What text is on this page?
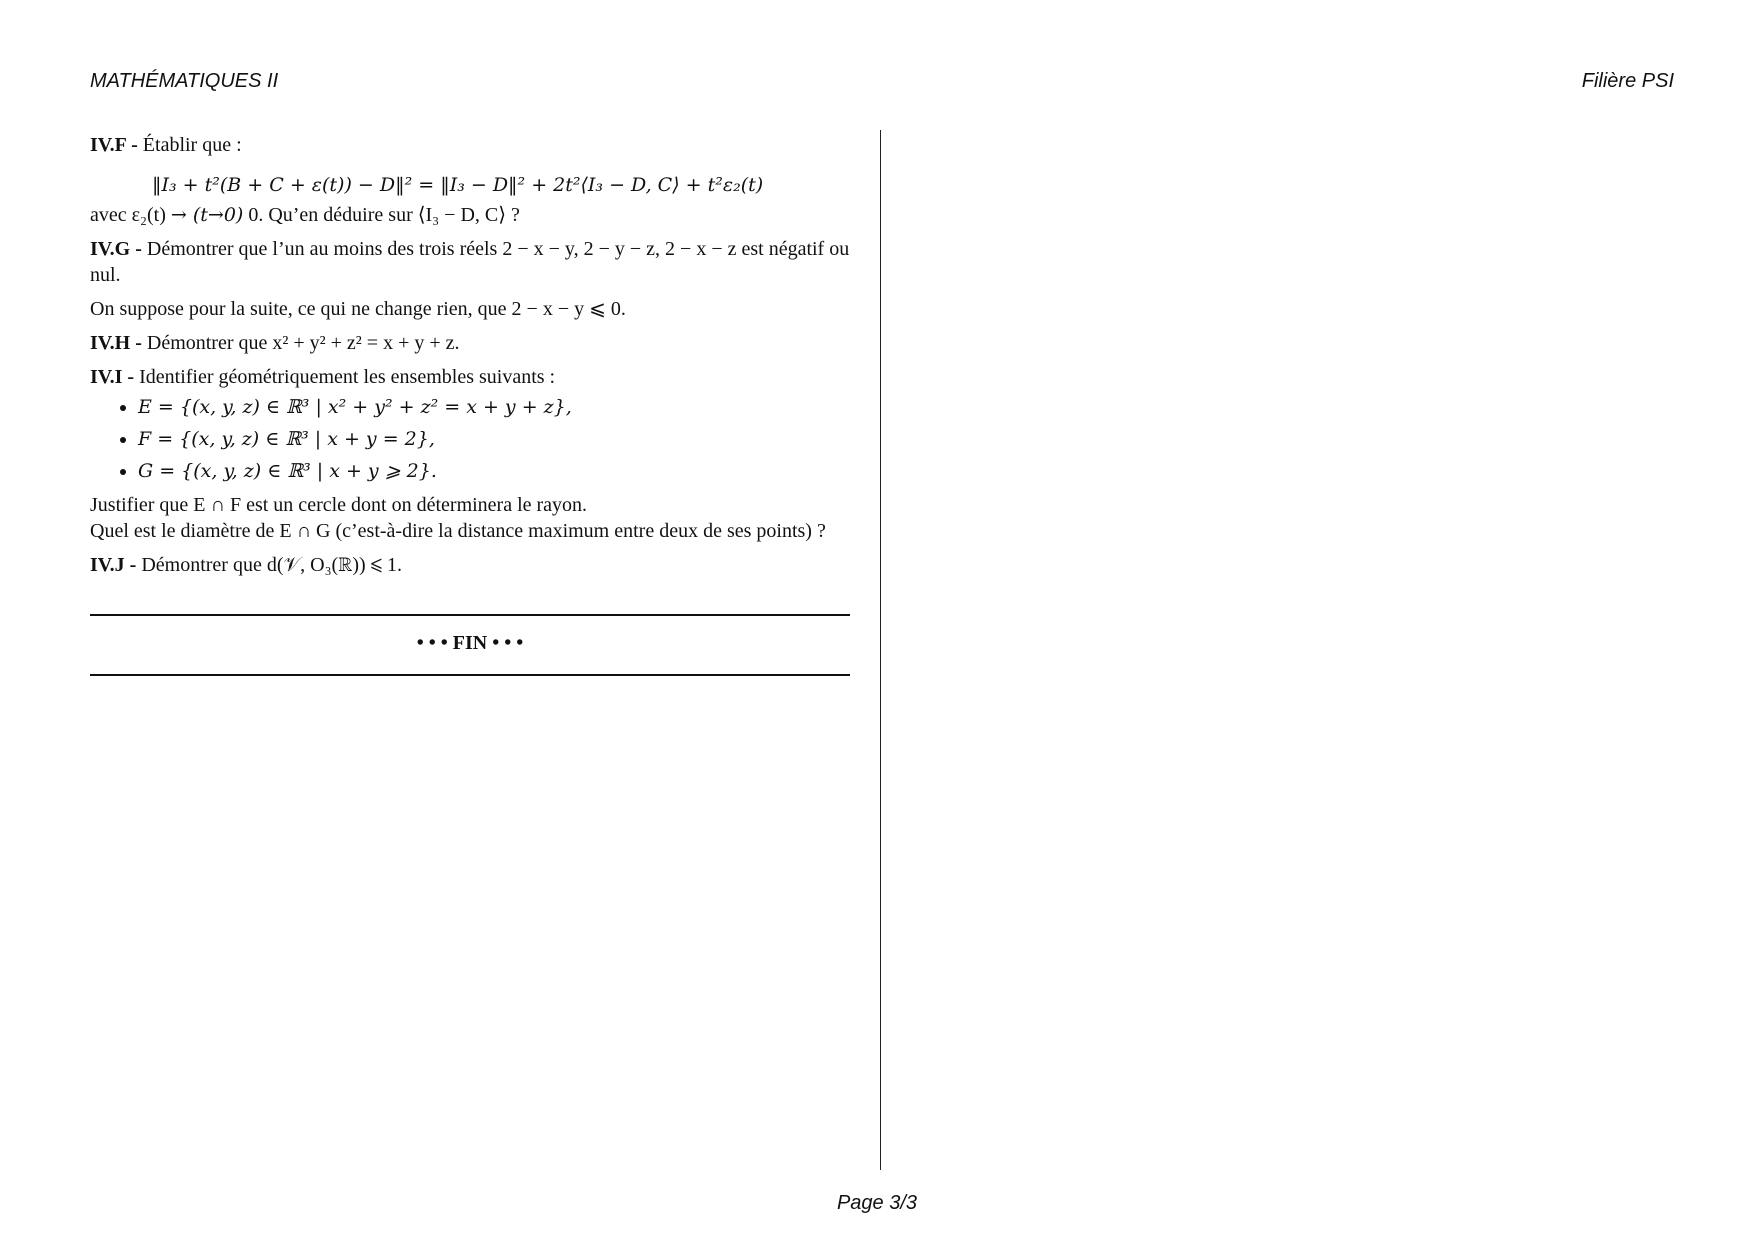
MATHÉMATIQUES II	Filière PSI

IV.F - Établir que :

‖I₃ + t²(B + C + ε(t)) − D‖² = ‖I₃ − D‖² + 2t²⟨I₃ − D, C⟩ + t²ε₂(t)

avec ε₂(t) → (t→0) 0. Qu’en déduire sur ⟨I₃ − D, C⟩ ?

IV.G - Démontrer que l’un au moins des trois réels 2 − x − y, 2 − y − z, 2 − x − z est négatif ou nul.

On suppose pour la suite, ce qui ne change rien, que 2 − x − y ⩽ 0.

IV.H - Démontrer que x² + y² + z² = x + y + z.

IV.I - Identifier géométriquement les ensembles suivants :

• E = {(x, y, z) ∈ ℝ³ | x² + y² + z² = x + y + z},
• F = {(x, y, z) ∈ ℝ³ | x + y = 2},
• G = {(x, y, z) ∈ ℝ³ | x + y ⩾ 2}.

Justifier que E ∩ F est un cercle dont on déterminera le rayon.

Quel est le diamètre de E ∩ G (c’est-à-dire la distance maximum entre deux de ses points) ?

IV.J - Démontrer que d(𝒱, O₃(ℝ)) ⩽ 1.

• • • FIN • • •
Page 3/3
